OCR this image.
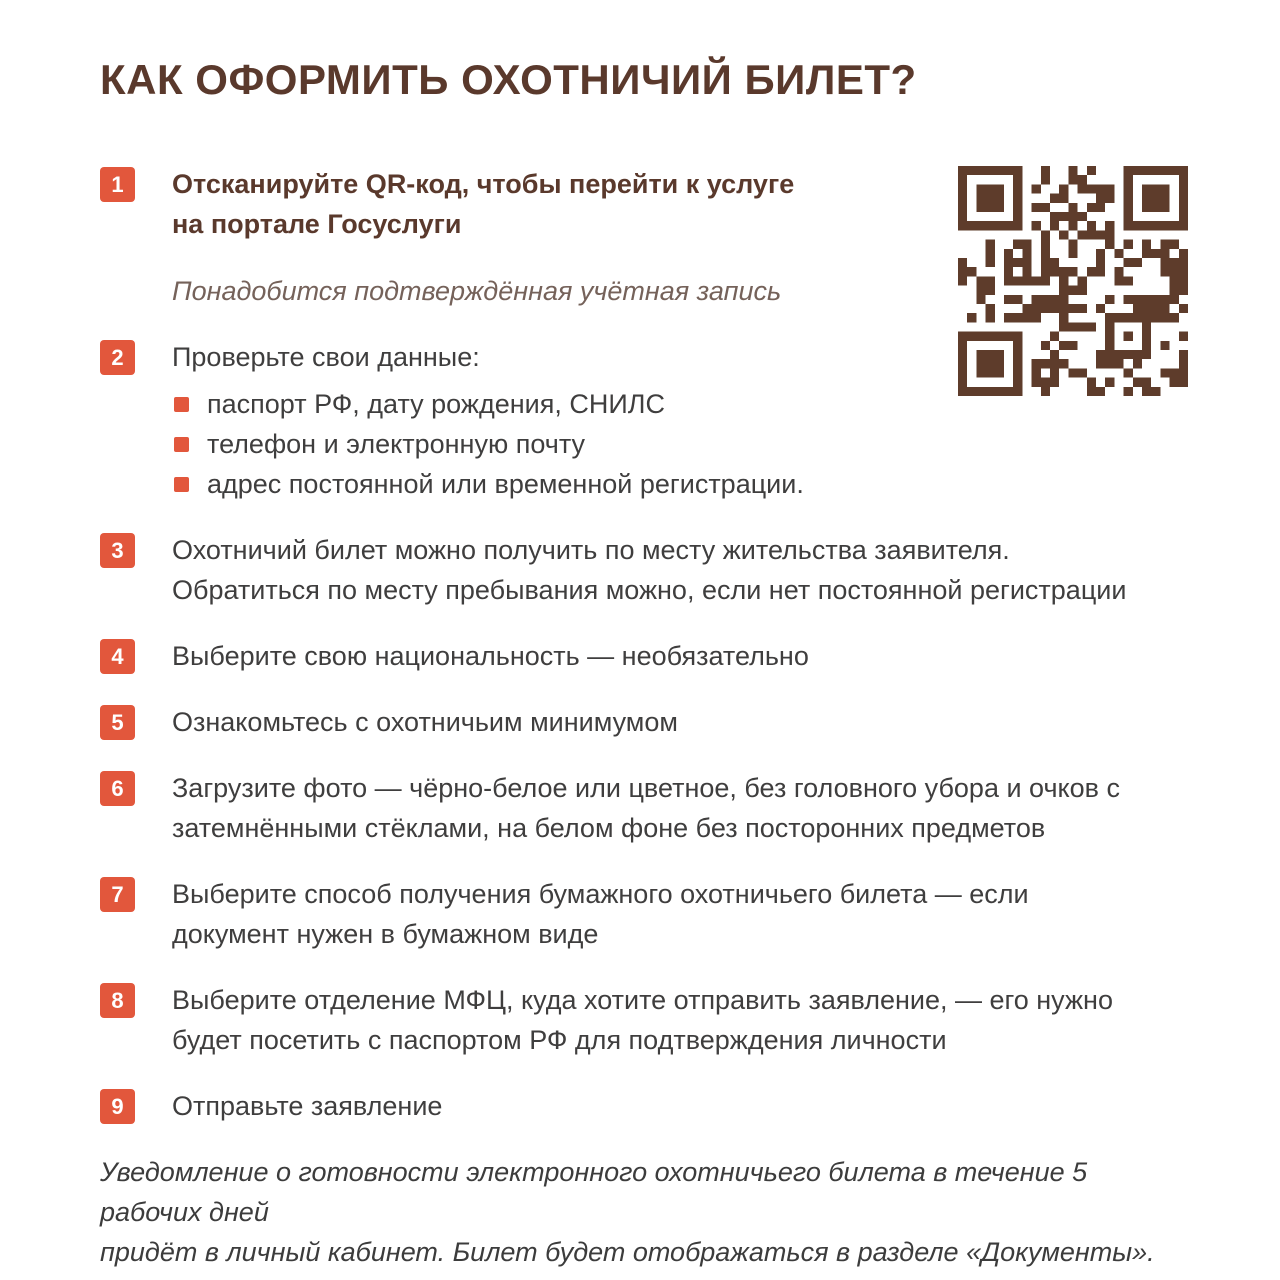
КАК ОФОРМИТЬ ОХОТНИЧИЙ БИЛЕТ?
1	Отсканируйте QR-код, чтобы перейти к услуге
на портале Госуслуги
Понадобится подтверждённая учётная запись
2	Проверьте свои данные:
паспорт РФ, дату рождения, СНИЛС
телефон и электронную почту
адрес постоянной или временной регистрации.
3	Охотничий билет можно получить по месту жительства заявителя.
Обратиться по месту пребывания можно, если нет постоянной регистрации
4	Выберите свою национальность — необязательно
5	Ознакомьтесь с охотничьим минимумом
6	Загрузите фото — чёрно-белое или цветное, без головного убора и очков с
затемнёнными стёклами, на белом фоне без посторонних предметов
7	Выберите способ получения бумажного охотничьего билета — если
документ нужен в бумажном виде
8	Выберите отделение МФЦ, куда хотите отправить заявление, — его нужно
будет посетить с паспортом РФ для подтверждения личности
9	Отправьте заявление
Уведомление о готовности электронного охотничьего билета в течение 5 рабочих дней
придёт в личный кабинет. Билет будет отображаться в разделе «Документы».
